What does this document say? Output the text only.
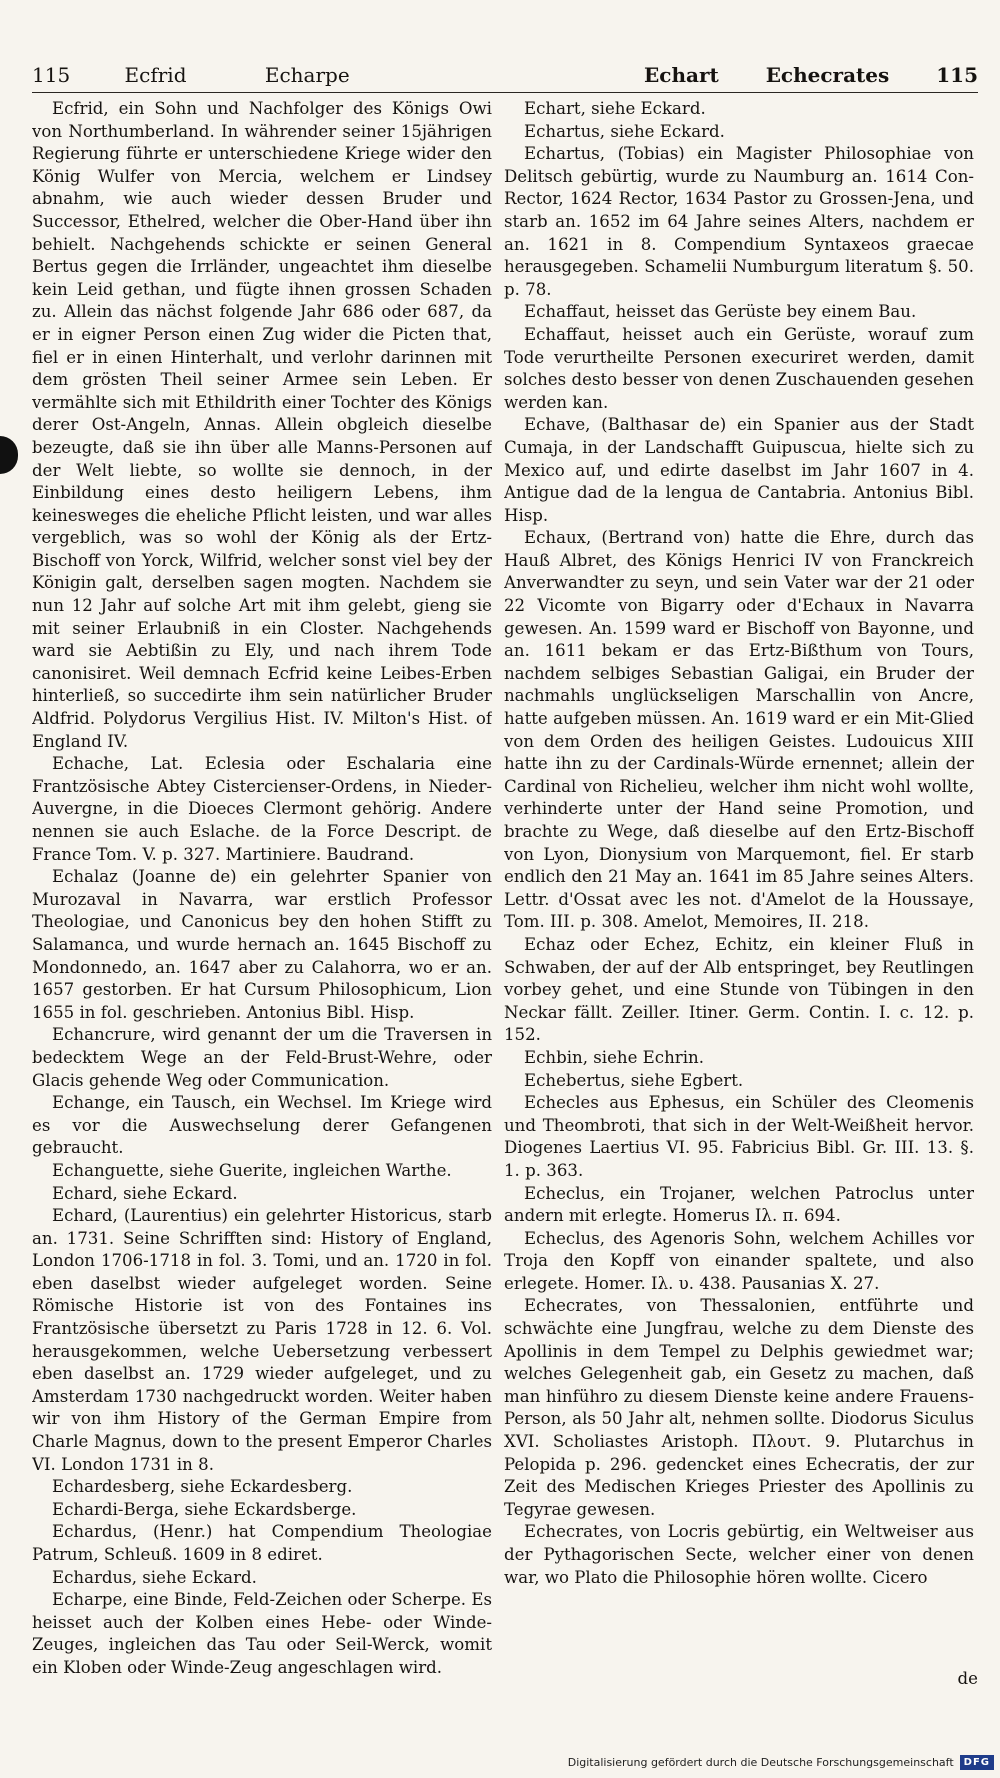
115	Ecfrid	Echarpe	Echart Echecrates 115

Ecfrid, ein Sohn und Nachfolger des Königs Owi von Northumberland. In währender seiner 15jährigen Regierung führte er unterschiedene Kriege wider den König Wulfer von Mercia, welchem er Lindsey abnahm, wie auch wieder dessen Bruder und Successor, Ethelred, welcher die Ober-Hand über ihn behielt. Nachgehends schickte er seinen General Bertus gegen die Irrländer, ungeachtet ihm dieselbe kein Leid gethan, und fügte ihnen grossen Schaden zu. Allein das nächst folgende Jahr 686 oder 687, da er in eigner Person einen Zug wider die Picten that, fiel er in einen Hinterhalt, und verlohr darinnen mit dem grösten Theil seiner Armee sein Leben. Er vermählte sich mit Ethildrith einer Tochter des Königs derer Ost-Angeln, Annas. Allein obgleich dieselbe bezeugte, daß sie ihn über alle Manns-Personen auf der Welt liebte, so wollte sie dennoch, in der Einbildung eines desto heiligern Lebens, ihm keinesweges die eheliche Pflicht leisten, und war alles vergeblich, was so wohl der König als der Ertz-Bischoff von Yorck, Wilfrid, welcher sonst viel bey der Königin galt, derselben sagen mogten. Nachdem sie nun 12 Jahr auf solche Art mit ihm gelebt, gieng sie mit seiner Erlaubniß in ein Closter. Nachgehends ward sie Aebtißin zu Ely, und nach ihrem Tode canonisiret. Weil demnach Ecfrid keine Leibes-Erben hinterließ, so succedirte ihm sein natürlicher Bruder Aldfrid. Polydorus Vergilius Hist. IV. Milton's Hist. of England IV.

Echache, Lat. Eclesia oder Eschalaria eine Frantzösische Abtey Cistercienser-Ordens, in Nieder-Auvergne, in die Dioeces Clermont gehörig. Andere nennen sie auch Eslache. de la Force Descript. de France Tom. V. p. 327. Martiniere. Baudrand.

Echalaz (Joanne de) ein gelehrter Spanier von Murozaval in Navarra, war erstlich Professor Theologiae, und Canonicus bey den hohen Stifft zu Salamanca, und wurde hernach an. 1645 Bischoff zu Mondonnedo, an. 1647 aber zu Calahorra, wo er an. 1657 gestorben. Er hat Cursum Philosophicum, Lion 1655 in fol. geschrieben. Antonius Bibl. Hisp.

Echancrure, wird genannt der um die Traversen in bedecktem Wege an der Feld-Brust-Wehre, oder Glacis gehende Weg oder Communication.

Echange, ein Tausch, ein Wechsel. Im Kriege wird es vor die Auswechselung derer Gefangenen gebraucht.

Echanguette, siehe Guerite, ingleichen Warthe.

Echard, siehe Eckard.

Echard, (Laurentius) ein gelehrter Historicus, starb an. 1731. Seine Schrifften sind: History of England, London 1706-1718 in fol. 3. Tomi, und an. 1720 in fol. eben daselbst wieder aufgeleget worden. Seine Römische Historie ist von des Fontaines ins Frantzösische übersetzt zu Paris 1728 in 12. 6. Vol. herausgekommen, welche Uebersetzung verbessert eben daselbst an. 1729 wieder aufgeleget, und zu Amsterdam 1730 nachgedruckt worden. Weiter haben wir von ihm History of the German Empire from Charle Magnus, down to the present Emperor Charles VI. London 1731 in 8.

Echardesberg, siehe Eckardesberg.

Echardi-Berga, siehe Eckardsberge.

Echardus, (Henr.) hat Compendium Theologiae Patrum, Schleuß. 1609 in 8 ediret.

Echardus, siehe Eckard.

Echarpe, eine Binde, Feld-Zeichen oder Scherpe. Es heisset auch der Kolben eines Hebe- oder Winde-Zeuges, ingleichen das Tau oder Seil-Werck, womit ein Kloben oder Winde-Zeug angeschlagen wird.

Echart, siehe Eckard.

Echartus, siehe Eckard.

Echartus, (Tobias) ein Magister Philosophiae von Delitsch gebürtig, wurde zu Naumburg an. 1614 Con-Rector, 1624 Rector, 1634 Pastor zu Grossen-Jena, und starb an. 1652 im 64 Jahre seines Alters, nachdem er an. 1621 in 8. Compendium Syntaxeos graecae herausgegeben. Schamelii Numburgum literatum §. 50. p. 78.

Echaffaut, heisset das Gerüste bey einem Bau.

Echaffaut, heisset auch ein Gerüste, worauf zum Tode verurtheilte Personen execuriret werden, damit solches desto besser von denen Zuschauenden gesehen werden kan.

Echave, (Balthasar de) ein Spanier aus der Stadt Cumaja, in der Landschafft Guipuscua, hielte sich zu Mexico auf, und edirte daselbst im Jahr 1607 in 4. Antigue dad de la lengua de Cantabria. Antonius Bibl. Hisp.

Echaux, (Bertrand von) hatte die Ehre, durch das Hauß Albret, des Königs Henrici IV von Franckreich Anverwandter zu seyn, und sein Vater war der 21 oder 22 Vicomte von Bigarry oder d'Echaux in Navarra gewesen. An. 1599 ward er Bischoff von Bayonne, und an. 1611 bekam er das Ertz-Bißthum von Tours, nachdem selbiges Sebastian Galigai, ein Bruder der nachmahls unglückseligen Marschallin von Ancre, hatte aufgeben müssen. An. 1619 ward er ein Mit-Glied von dem Orden des heiligen Geistes. Ludouicus XIII hatte ihn zu der Cardinals-Würde ernennet; allein der Cardinal von Richelieu, welcher ihm nicht wohl wollte, verhinderte unter der Hand seine Promotion, und brachte zu Wege, daß dieselbe auf den Ertz-Bischoff von Lyon, Dionysium von Marquemont, fiel. Er starb endlich den 21 May an. 1641 im 85 Jahre seines Alters. Lettr. d'Ossat avec les not. d'Amelot de la Houssaye, Tom. III. p. 308. Amelot, Memoires, II. 218.

Echaz oder Echez, Echitz, ein kleiner Fluß in Schwaben, der auf der Alb entspringet, bey Reutlingen vorbey gehet, und eine Stunde von Tübingen in den Neckar fällt. Zeiller. Itiner. Germ. Contin. I. c. 12. p. 152.

Echbin, siehe Echrin.

Echebertus, siehe Egbert.

Echecles aus Ephesus, ein Schüler des Cleomenis und Theombroti, that sich in der Welt-Weißheit hervor. Diogenes Laertius VI. 95. Fabricius Bibl. Gr. III. 13. §. 1. p. 363.

Echeclus, ein Trojaner, welchen Patroclus unter andern mit erlegte. Homerus Ιλ. π. 694.

Echeclus, des Agenoris Sohn, welchem Achilles vor Troja den Kopff von einander spaltete, und also erlegete. Homer. Ιλ. υ. 438. Pausanias X. 27.

Echecrates, von Thessalonien, entführte und schwächte eine Jungfrau, welche zu dem Dienste des Apollinis in dem Tempel zu Delphis gewiedmet war; welches Gelegenheit gab, ein Gesetz zu machen, daß man hinführo zu diesem Dienste keine andere Frauens-Person, als 50 Jahr alt, nehmen sollte. Diodorus Siculus XVI. Scholiastes Aristoph. Πλουτ. 9. Plutarchus in Pelopida p. 296. gedencket eines Echecratis, der zur Zeit des Medischen Krieges Priester des Apollinis zu Tegyrae gewesen.

Echecrates, von Locris gebürtig, ein Weltweiser aus der Pythagorischen Secte, welcher einer von denen war, wo Plato die Philosophie hören wollte. Cicero

de
Digitalisierung gefördert durch die Deutsche Forschungsgemeinschaft	DFG
